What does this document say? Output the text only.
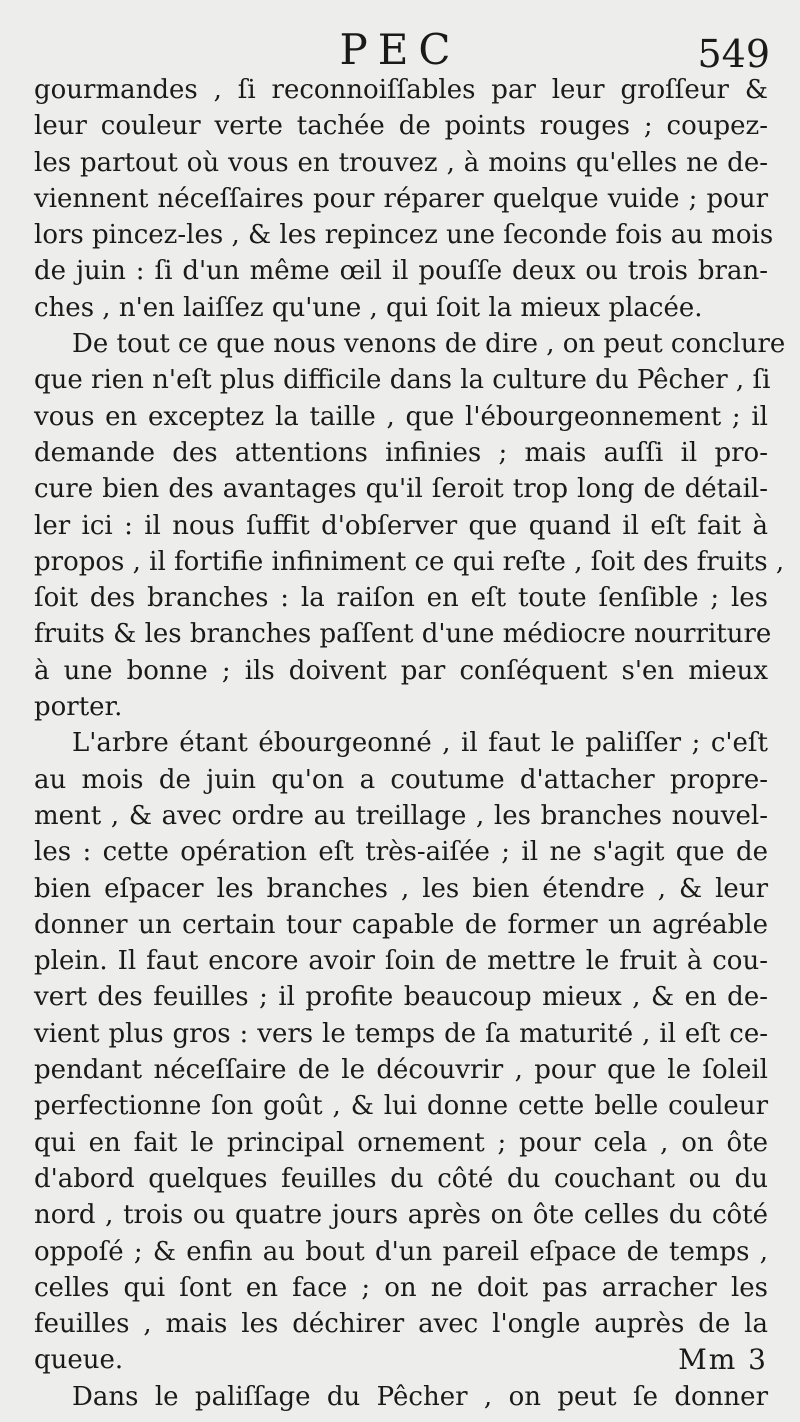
PEC	549
gourmandes , ſi reconnoiſſables par leur groſſeur &
leur couleur verte tachée de points rouges ; coupez-
les partout où vous en trouvez , à moins qu'elles ne de-
viennent néceſſaires pour réparer quelque vuide ; pour
lors pincez-les , & les repincez une ſeconde fois au mois
de juin : ſi d'un même œil il pouſſe deux ou trois bran-
ches , n'en laiſſez qu'une , qui ſoit la mieux placée.
De tout ce que nous venons de dire , on peut conclure
que rien n'eſt plus difficile dans la culture du Pêcher , ſi
vous en exceptez la taille , que l'ébourgeonnement ; il
demande des attentions infinies ; mais auſſi il pro-
cure bien des avantages qu'il ſeroit trop long de détail-
ler ici : il nous ſuffit d'obſerver que quand il eſt fait à
propos , il fortifie infiniment ce qui reſte , ſoit des fruits ,
ſoit des branches : la raiſon en eſt toute ſenſible ; les
fruits & les branches paſſent d'une médiocre nourriture
à une bonne ; ils doivent par conſéquent s'en mieux
porter.
L'arbre étant ébourgeonné , il faut le paliſſer ; c'eſt
au mois de juin qu'on a coutume d'attacher propre-
ment , & avec ordre au treillage , les branches nouvel-
les : cette opération eſt très-aiſée ; il ne s'agit que de
bien eſpacer les branches , les bien étendre , & leur
donner un certain tour capable de former un agréable
plein. Il faut encore avoir ſoin de mettre le fruit à cou-
vert des feuilles ; il profite beaucoup mieux , & en de-
vient plus gros : vers le temps de ſa maturité , il eſt ce-
pendant néceſſaire de le découvrir , pour que le ſoleil
perfectionne ſon goût , & lui donne cette belle couleur
qui en fait le principal ornement ; pour cela , on ôte
d'abord quelques feuilles du côté du couchant ou du
nord , trois ou quatre jours après on ôte celles du côté
oppoſé ; & enfin au bout d'un pareil eſpace de temps ,
celles qui ſont en face ; on ne doit pas arracher les
feuilles , mais les déchirer avec l'ongle auprès de la
queue.
Dans le paliſſage du Pêcher , on peut ſe donner
Mm 3
